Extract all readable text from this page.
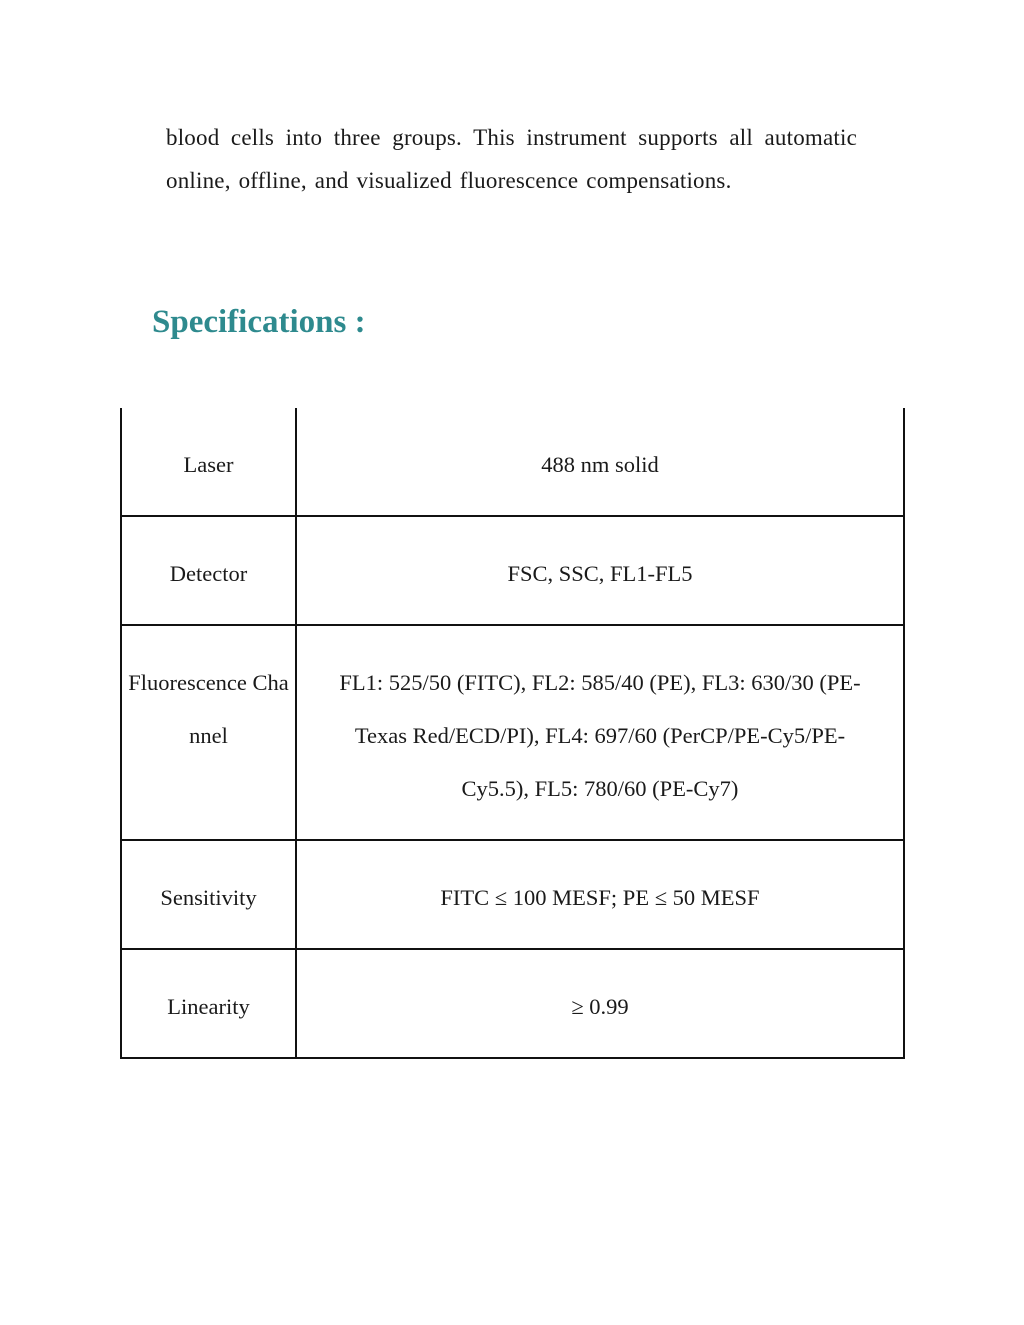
blood cells into three groups. This instrument supports all automatic online, offline, and visualized fluorescence compensations.

Specifications :
Laser	488 nm solid

Detector	FSC, SSC, FL1-FL5

Fluorescence Channel	FL1: 525/50 (FITC), FL2: 585/40 (PE), FL3: 630/30 (PE- Texas Red/ECD/PI), FL4: 697/60 (PerCP/PE-Cy5/PE-Cy5.5), FL5: 780/60 (PE-Cy7)

Sensitivity	FITC ≤ 100 MESF; PE ≤ 50 MESF

Linearity	≥ 0.99
